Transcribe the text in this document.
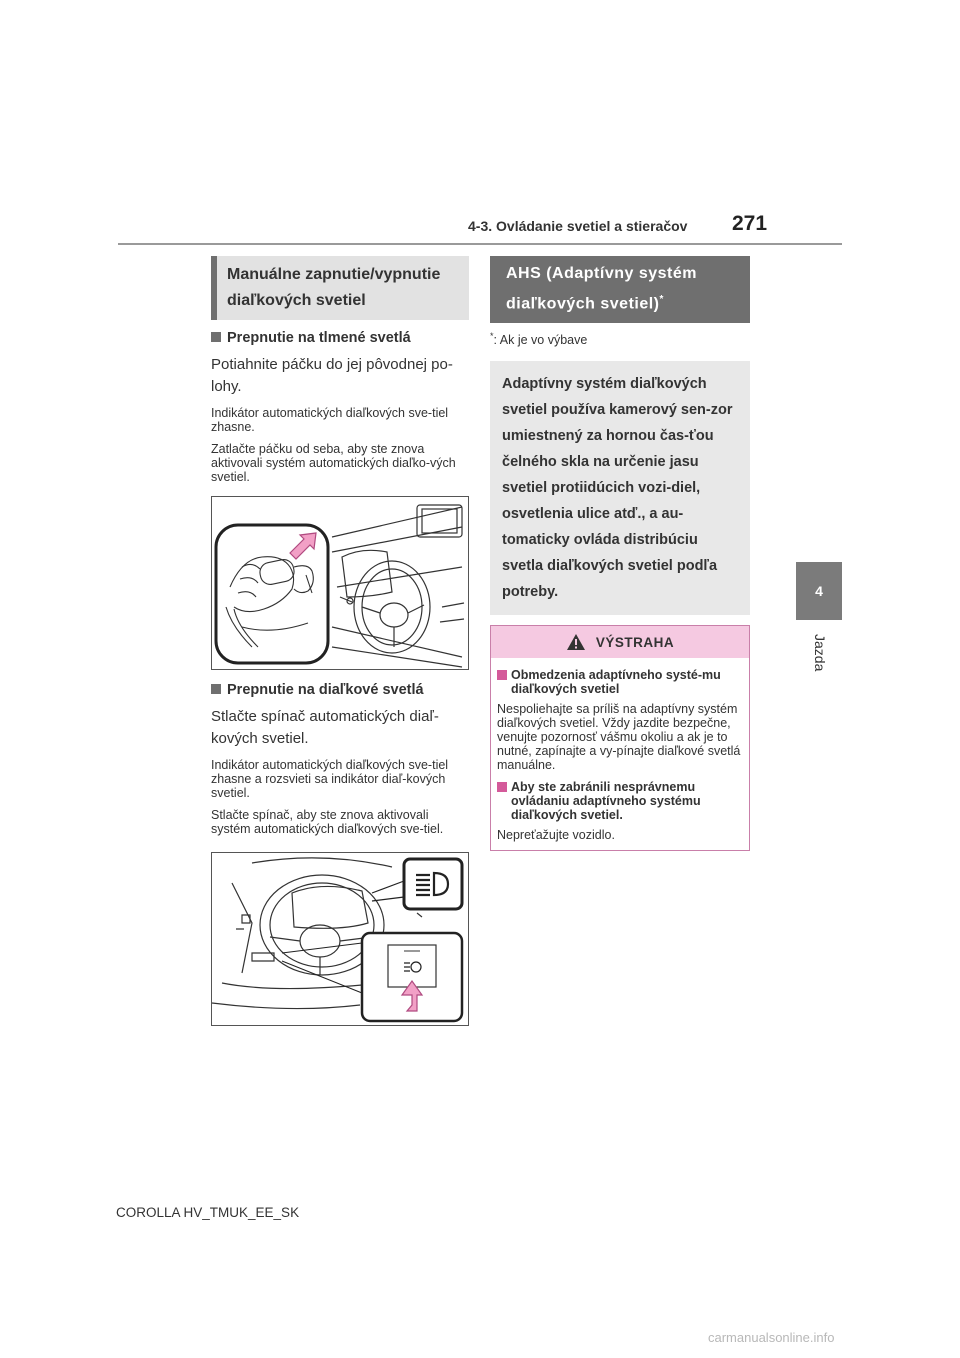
4-3. Ovládanie svetiel a stieračov 271
4
Jazda
Manuálne zapnutie/vypnutie diaľkových svetiel
Prepnutie na tlmené svetlá
Potiahnite páčku do jej pôvodnej po-lohy.
Indikátor automatických diaľkových sve-tiel zhasne.
Zatlačte páčku od seba, aby ste znova aktivovali systém automatických diaľko-vých svetiel.
Prepnutie na diaľkové svetlá
Stlačte spínač automatických diaľ-kových svetiel.
Indikátor automatických diaľkových sve-tiel zhasne a rozsvieti sa indikátor diaľ-kových svetiel.
Stlačte spínač, aby ste znova aktivovali systém automatických diaľkových sve-tiel.
AHS (Adaptívny systém diaľkových svetiel)*
*: Ak je vo výbave
Adaptívny systém diaľkových svetiel používa kamerový sen-zor umiestnený za hornou čas-ťou čelného skla na určenie jasu svetiel protiidúcich vozi-diel, osvetlenia ulice atď., a au-tomaticky ovláda distribúciu svetla diaľkových svetiel podľa potreby.
VÝSTRAHA
Obmedzenia adaptívneho systé-mu diaľkových svetiel
Nespoliehajte sa príliš na adaptívny systém diaľkových svetiel. Vždy jazdite bezpečne, venujte pozornosť vášmu okoliu a ak je to nutné, zapínajte a vy-pínajte diaľkové svetlá manuálne.
Aby ste zabránili nesprávnemu ovládaniu adaptívneho systému diaľkových svetiel.
Nepreťažujte vozidlo.
COROLLA HV_TMUK_EE_SK
carmanualsonline.info
